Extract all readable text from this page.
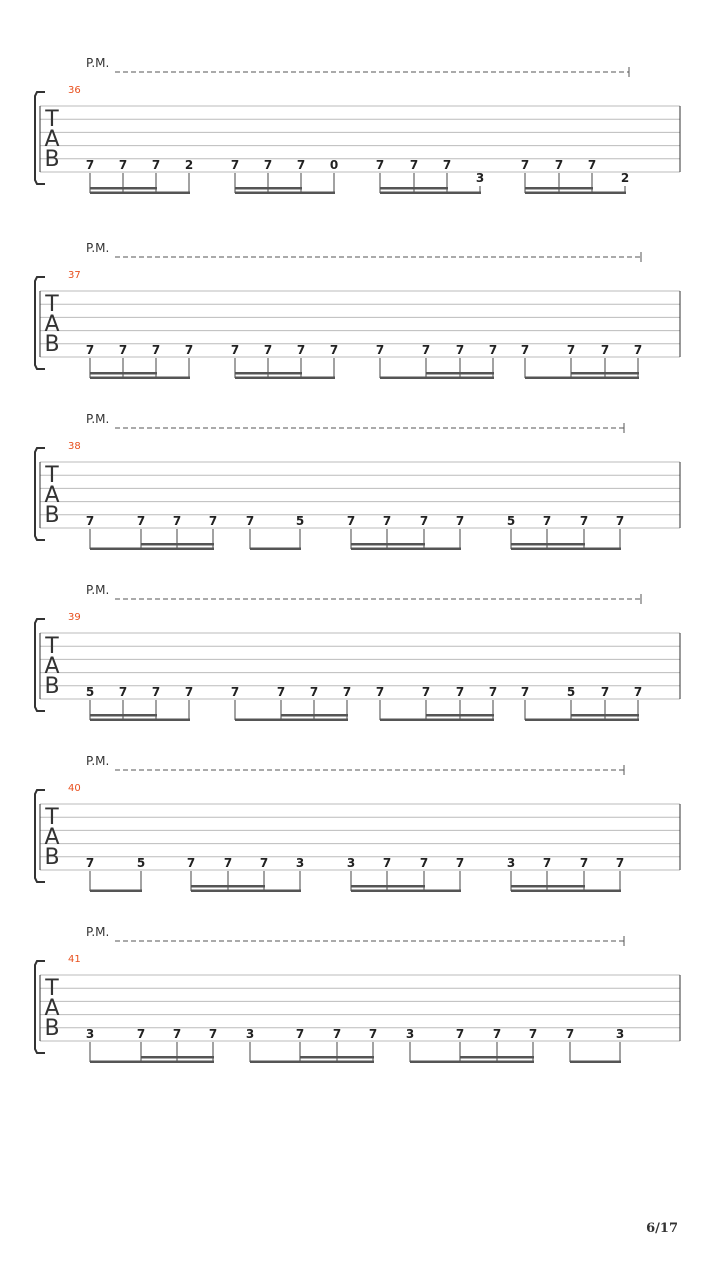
P.M.
36
T
A
B 7 7 7 2	7 7 7 0	7 7 7
3
7 7 7
2
P.M.
37
T
A
B 7 7 7 7	7 7 7 7	7	7 7 7 7	7 7 7
P.M.
38
T
A
B 7	7 7 7 7	5	7 7 7 7	5 7 7 7
P.M.
39
T
A
B 5 7 7 7	7	7 7 7 7	7 7 7 7	5 7 7
P.M.
40
T
A
B 7	5	7 7 7 3	3 7 7 7	3 7 7 7
P.M.
41
T
A
B 3	7 7 7 3	7 7 7 3	7 7 7 7	3
6/17
